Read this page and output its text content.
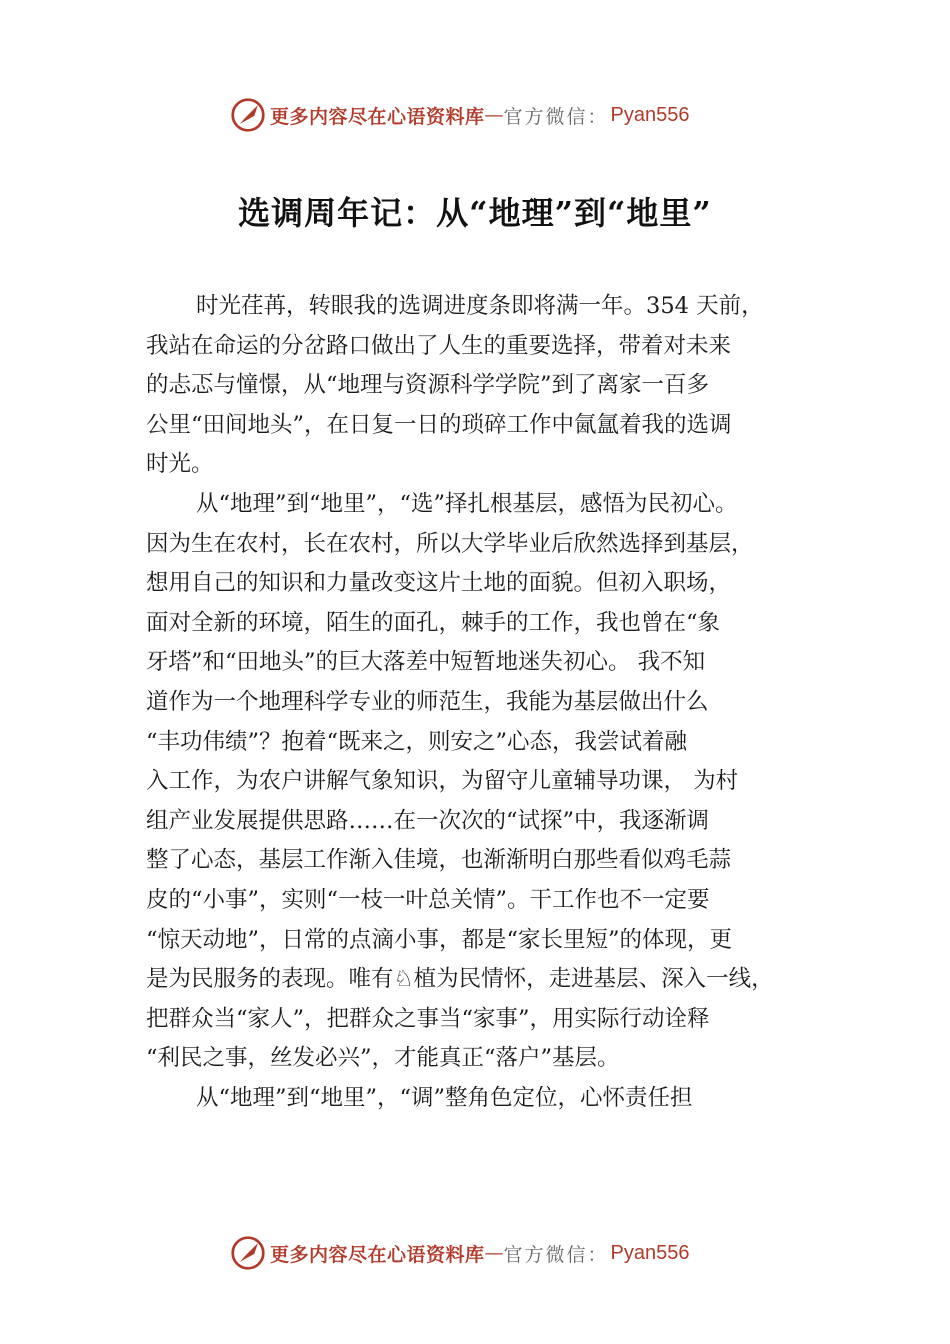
更多内容尽在心语资料库 — 官方微信： Pyan556
选调周年记：从“地理”到“地里”
时光荏苒，转眼我的选调进度条即将满一年。354 天前，
我站在命运的分岔路口做出了人生的重要选择，带着对未来
的忐忑与憧憬，从“地理与资源科学学院”到了离家一百多
公里“田间地头”，在日复一日的琐碎工作中氤氲着我的选调
时光。
从“地理”到“地里”，“选”择扎根基层，感悟为民初心。
因为生在农村，长在农村，所以大学毕业后欣然选择到基层，
想用自己的知识和力量改变这片土地的面貌。但初入职场，
面对全新的环境，陌生的面孔，棘手的工作，我也曾在“象
牙塔”和“田地头”的巨大落差中短暂地迷失初心。 我不知
道作为一个地理科学专业的师范生，我能为基层做出什么
“丰功伟绩”？抱着“既来之，则安之”心态，我尝试着融
入工作，为农户讲解气象知识，为留守儿童辅导功课， 为村
组产业发展提供思路……在一次次的“试探”中，我逐渐调
整了心态，基层工作渐入佳境，也渐渐明白那些看似鸡毛蒜
皮的“小事”，实则“一枝一叶总关情”。干工作也不一定要
“惊天动地”，日常的点滴小事，都是“家长里短”的体现，更
是为民服务的表现。唯有♘植为民情怀，走进基层、深入一线，
把群众当“家人”，把群众之事当“家事”，用实际行动诠释
“利民之事，丝发必兴”，才能真正“落户”基层。
从“地理”到“地里”，“调”整角色定位，心怀责任担
更多内容尽在心语资料库 — 官方微信： Pyan556
